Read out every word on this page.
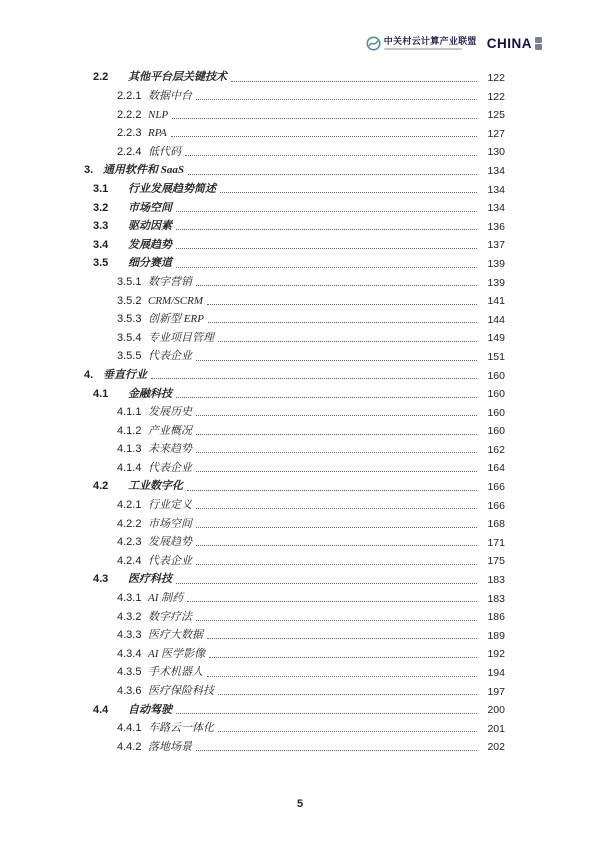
中关村云计算产业联盟 CHINA
2.2	其他平台层关键技术	122
2.2.1 数据中台	122
2.2.2 NLP	125
2.2.3 RPA	127
2.2.4 低代码	130
3. 通用软件和 SaaS	134
3.1	行业发展趋势简述	134
3.2	市场空间	134
3.3	驱动因素	136
3.4	发展趋势	137
3.5	细分赛道	139
3.5.1 数字营销	139
3.5.2 CRM/SCRM	141
3.5.3 创新型 ERP	144
3.5.4 专业项目管理	149
3.5.5 代表企业	151
4. 垂直行业	160
4.1	金融科技	160
4.1.1 发展历史	160
4.1.2 产业概况	160
4.1.3 未来趋势	162
4.1.4 代表企业	164
4.2	工业数字化	166
4.2.1 行业定义	166
4.2.2 市场空间	168
4.2.3 发展趋势	171
4.2.4 代表企业	175
4.3	医疗科技	183
4.3.1 AI 制药	183
4.3.2 数字疗法	186
4.3.3 医疗大数据	189
4.3.4 AI 医学影像	192
4.3.5 手术机器人	194
4.3.6 医疗保险科技	197
4.4	自动驾驶	200
4.4.1 车路云一体化	201
4.4.2 落地场景	202
5
